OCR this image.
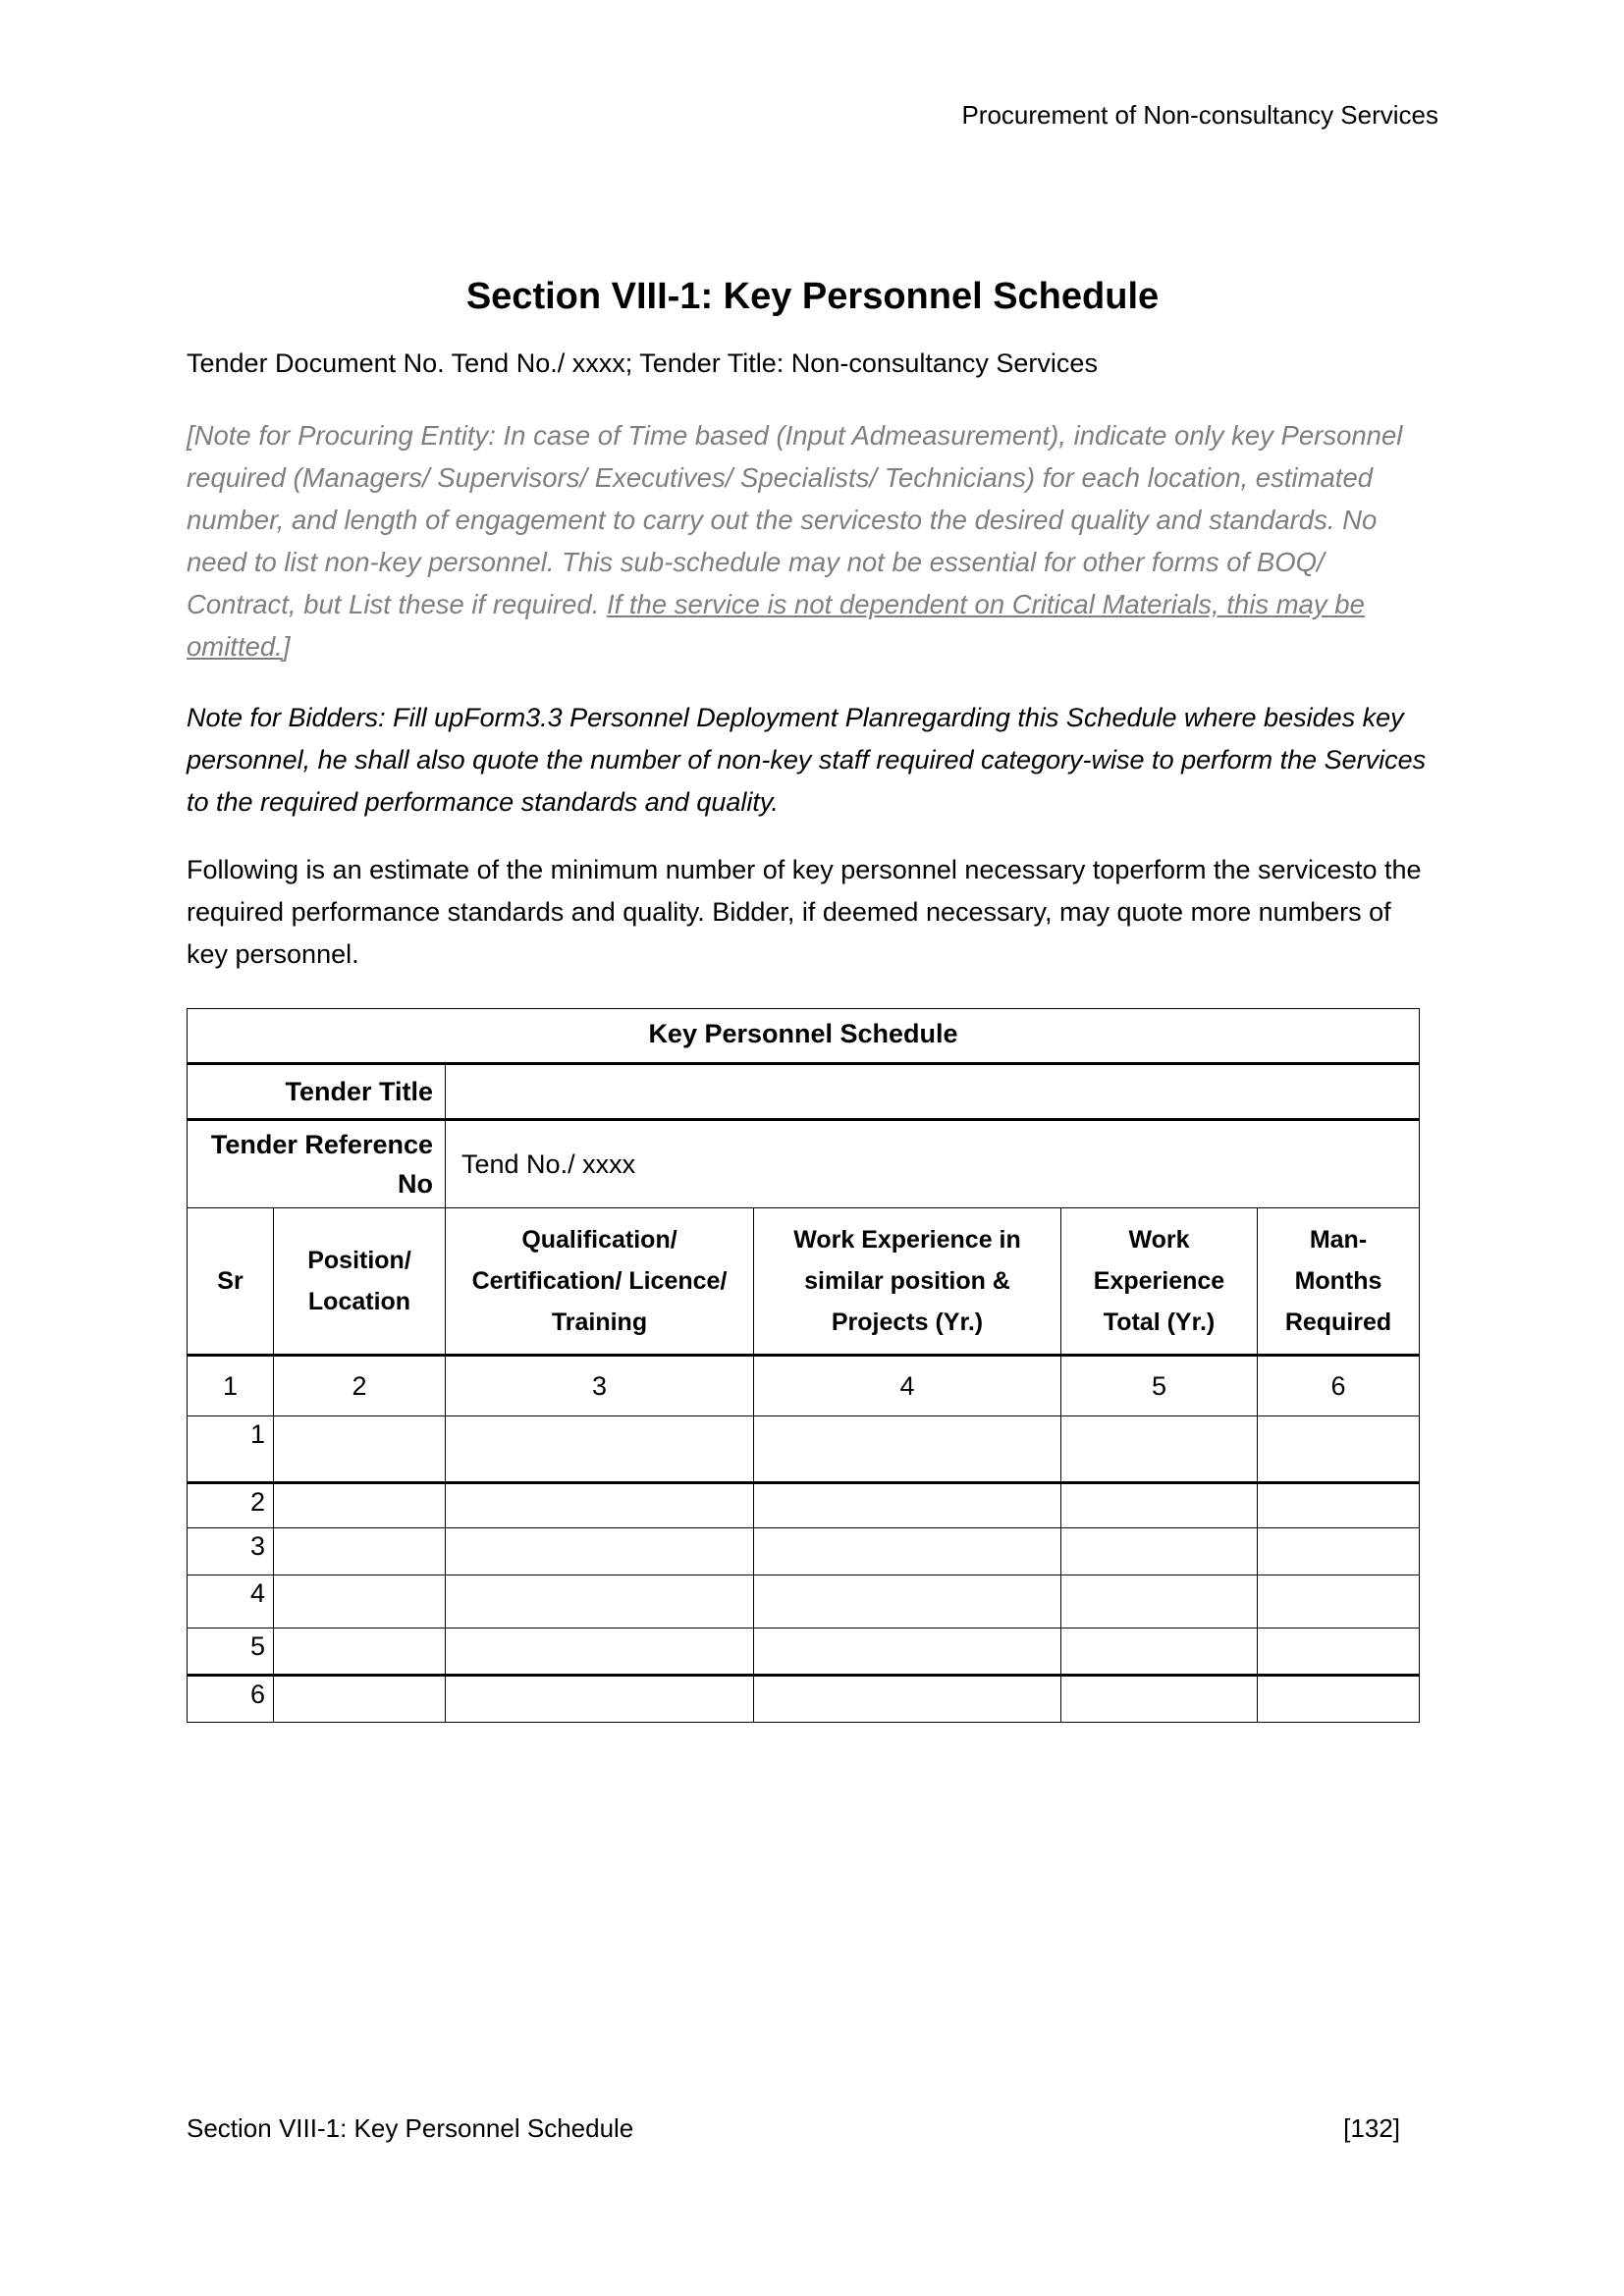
Procurement of Non-consultancy Services
Section VIII-1: Key Personnel Schedule

Tender Document No. Tend No./ xxxx; Tender Title: Non-consultancy Services

[Note for Procuring Entity: In case of Time based (Input Admeasurement), indicate only key Personnel required (Managers/ Supervisors/ Executives/ Specialists/ Technicians) for each location, estimated number, and length of engagement to carry out the servicesto the desired quality and standards. No need to list non-key personnel. This sub-schedule may not be essential for other forms of BOQ/ Contract, but List these if required. If the service is not dependent on Critical Materials, this may be omitted.]

Note for Bidders: Fill upForm3.3 Personnel Deployment Planregarding this Schedule where besides key personnel, he shall also quote the number of non-key staff required category-wise to perform the Services to the required performance standards and quality.

Following is an estimate of the minimum number of key personnel necessary toperform the servicesto the required performance standards and quality. Bidder, if deemed necessary, may quote more numbers of key personnel.

Key Personnel Schedule					
Tender Title					
Tender Reference No		Tend No./ xxxx			
Sr	Position/ Location	Qualification/ Certification/ Licence/ Training	Work Experience in similar position & Projects (Yr.)	Work Experience Total (Yr.)	Man- Months Required
1	2	3	4	5	6
1					
2					
3					
4					
5					
6					
Section VIII-1: Key Personnel Schedule	[132]
